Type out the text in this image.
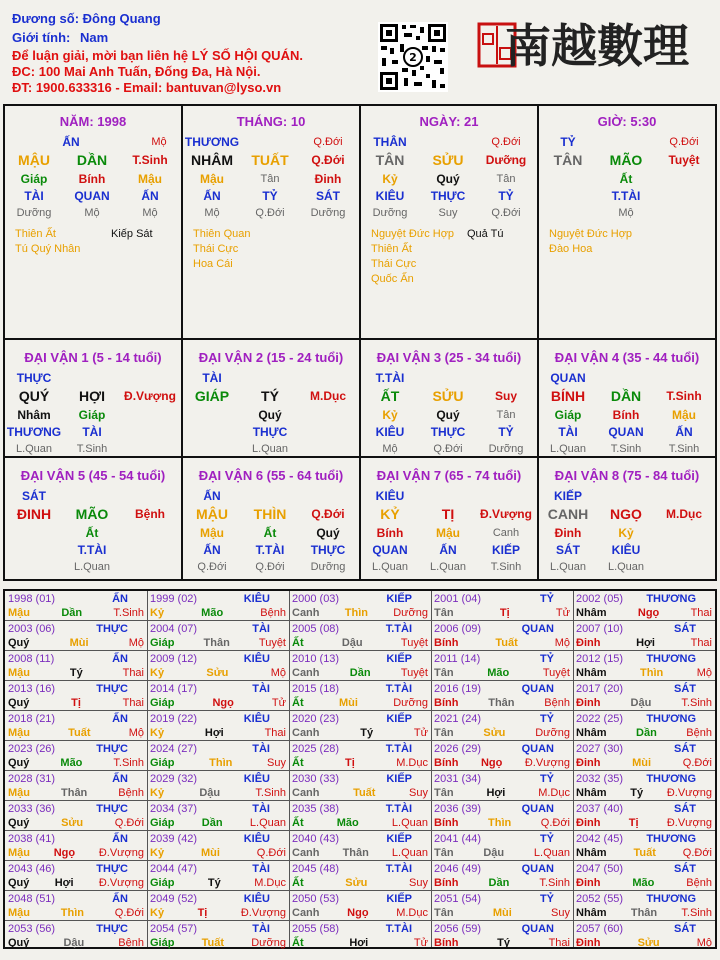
Đương số: Đông Quang
Giới tính: Nam
Để luận giải, mời bạn liên hệ LÝ SỐ HỘI QUÁN.
ĐC: 100 Mai Anh Tuấn, Đống Đa, Hà Nội.
ĐT: 1900.633316 - Email: bantuvan@lyso.vn
2 南越數理
NĂM: 1998
ẤN	Mộ
MẬU	DẦN	T.Sinh
Giáp	Bính	Mậu
TÀI	QUAN	ẤN
Dưỡng	Mộ	Mộ
Thiên Ất
Tú Quý Nhân
Kiếp Sát
THÁNG: 10
THƯƠNG	Q.Đới
NHÂM	TUẤT	Q.Đới
Mậu	Tân	Đinh
ẤN	TỶ	SÁT
Mộ	Q.Đới	Dưỡng
Thiên Quan
Thái Cực
Hoa Cái
NGÀY: 21
THÂN	Q.Đới
TÂN	SỬU	Dưỡng
Kỷ	Quý	Tân
KIÊU	THỰC	TỶ
Dưỡng	Suy	Q.Đới
Nguyệt Đức Hợp
Thiên Ất
Thái Cực
Quốc Ấn
Quả Tú
GIỜ: 5:30
TỶ	Q.Đới
TÂN	MÃO	Tuyệt
Ất
T.TÀI
Mộ
Nguyệt Đức Hợp
Đào Hoa
ĐẠI VẬN 1 (5 - 14 tuổi)
THỰC
QUÝ	HỢI	Đ.Vượng
Nhâm	Giáp
THƯƠNG	TÀI
L.Quan	T.Sinh
ĐẠI VẬN 2 (15 - 24 tuổi)
TÀI
GIÁP	TÝ	M.Dục
Quý
THỰC
L.Quan
ĐẠI VẬN 3 (25 - 34 tuổi)
T.TÀI
ẤT	SỬU	Suy
Kỷ	Quý	Tân
KIÊU	THỰC	TỶ
Mộ	Q.Đới	Dưỡng
ĐẠI VẬN 4 (35 - 44 tuổi)
QUAN
BÍNH	DẦN	T.Sinh
Giáp	Bính	Mậu
TÀI	QUAN	ẤN
L.Quan	T.Sinh	T.Sinh
ĐẠI VẬN 5 (45 - 54 tuổi)
SÁT
ĐINH	MÃO	Bệnh
Ất
T.TÀI
L.Quan
ĐẠI VẬN 6 (55 - 64 tuổi)
ẤN
MẬU	THÌN	Q.Đới
Mậu	Ất	Quý
ẤN	T.TÀI	THỰC
Q.Đới	Q.Đới	Dưỡng
ĐẠI VẬN 7 (65 - 74 tuổi)
KIÊU
KỶ	TỊ	Đ.Vượng
Bính	Mậu	Canh
QUAN	ẤN	KIẾP
L.Quan	L.Quan	T.Sinh
ĐẠI VẬN 8 (75 - 84 tuổi)
KIẾP
CANH	NGỌ	M.Dục
Đinh	Kỷ
SÁT	KIÊU
L.Quan	L.Quan
1998 (01)	ẤN
Mậu	Dần	T.Sinh
1999 (02)	KIÊU
Kỷ	Mão	Bệnh
2000 (03)	KIẾP
Canh Thìn Dưỡng
2001 (04)	TỶ
Tân	Tị	Tử
2002 (05) THƯƠNG
Nhâm	Ngọ	Thai
2003 (06)	THỰC
Quý	Mùi	Mộ
2004 (07)	TÀI
Giáp	Thân	Tuyệt
2005 (08)	T.TÀI
Ất	Dậu	Tuyệt
2006 (09)	QUAN
Bính	Tuất	Mộ
2007 (10)	SÁT
Đinh	Hợi	Thai
2008 (11)	ẤN
Mậu	Tý	Thai
2009 (12)	KIÊU
Kỷ	Sửu	Mộ
2010 (13)	KIẾP
Canh	Dần	Tuyệt
2011 (14)	TỶ
Tân	Mão	Tuyệt
2012 (15) THƯƠNG
Nhâm	Thìn	Mộ
2013 (16)	THỰC
Quý	Tị	Thai
2014 (17)	TÀI
Giáp	Ngọ	Tử
2015 (18)	T.TÀI
Ất	Mùi	Dưỡng
2016 (19)	QUAN
Bính	Thân	Bệnh
2017 (20)	SÁT
Đinh	Dậu	T.Sinh
2018 (21)	ẤN
Mậu	Tuất	Mộ
2019 (22)	KIÊU
Kỷ	Hợi	Thai
2020 (23)	KIẾP
Canh	Tý	Tử
2021 (24)	TỶ
Tân	Sửu	Dưỡng
2022 (25) THƯƠNG
Nhâm	Dần	Bệnh
2023 (26)	THỰC
Quý	Mão	T.Sinh
2024 (27)	TÀI
Giáp	Thìn	Suy
2025 (28)	T.TÀI
Ất	Tị	M.Dục
2026 (29)	QUAN
Bính Ngọ Đ.Vượng
2027 (30)	SÁT
Đinh	Mùi	Q.Đới
2028 (31)	ẤN
Mậu	Thân	Bệnh
2029 (32)	KIÊU
Kỷ	Dậu	T.Sinh
2030 (33)	KIẾP
Canh	Tuất	Suy
2031 (34)	TỶ
Tân	Hợi	M.Dục
2032 (35) THƯƠNG
Nhâm Tý Đ.Vượng
2033 (36)	THỰC
Quý	Sửu	Q.Đới
2034 (37)	TÀI
Giáp Dần L.Quan
2035 (38)	T.TÀI
Ất	Mão	L.Quan
2036 (39)	QUAN
Bính	Thìn	Q.Đới
2037 (40)	SÁT
Đinh	Tị	Đ.Vượng
2038 (41)	ẤN
Mậu Ngọ Đ.Vượng
2039 (42)	KIÊU
Kỷ	Mùi	Q.Đới
2040 (43)	KIẾP
Canh Thân L.Quan
2041 (44)	TỶ
Tân	Dậu	L.Quan
2042 (45) THƯƠNG
Nhâm Tuất Q.Đới
2043 (46)	THỰC
Quý Hợi Đ.Vượng
2044 (47)	TÀI
Giáp	Tý	M.Dục
2045 (48)	T.TÀI
Ất	Sửu	Suy
2046 (49)	QUAN
Bính	Dần	T.Sinh
2047 (50)	SÁT
Đinh	Mão	Bệnh
2048 (51)	ẤN
Mậu	Thìn	Q.Đới
2049 (52)	KIÊU
Kỷ	Tị	Đ.Vượng
2050 (53)	KIẾP
Canh	Ngọ	M.Dục
2051 (54)	TỶ
Tân	Mùi	Suy
2052 (55) THƯƠNG
Nhâm Thân T.Sinh
2053 (56)	THỰC
Quý	Dậu	Bệnh
2054 (57)	TÀI
Giáp Tuất Dưỡng
2055 (58)	T.TÀI
Ất	Hợi	Tử
2056 (59)	QUAN
Bính	Tý	Thai
2057 (60)	SÁT
Đinh	Sửu	Mộ
